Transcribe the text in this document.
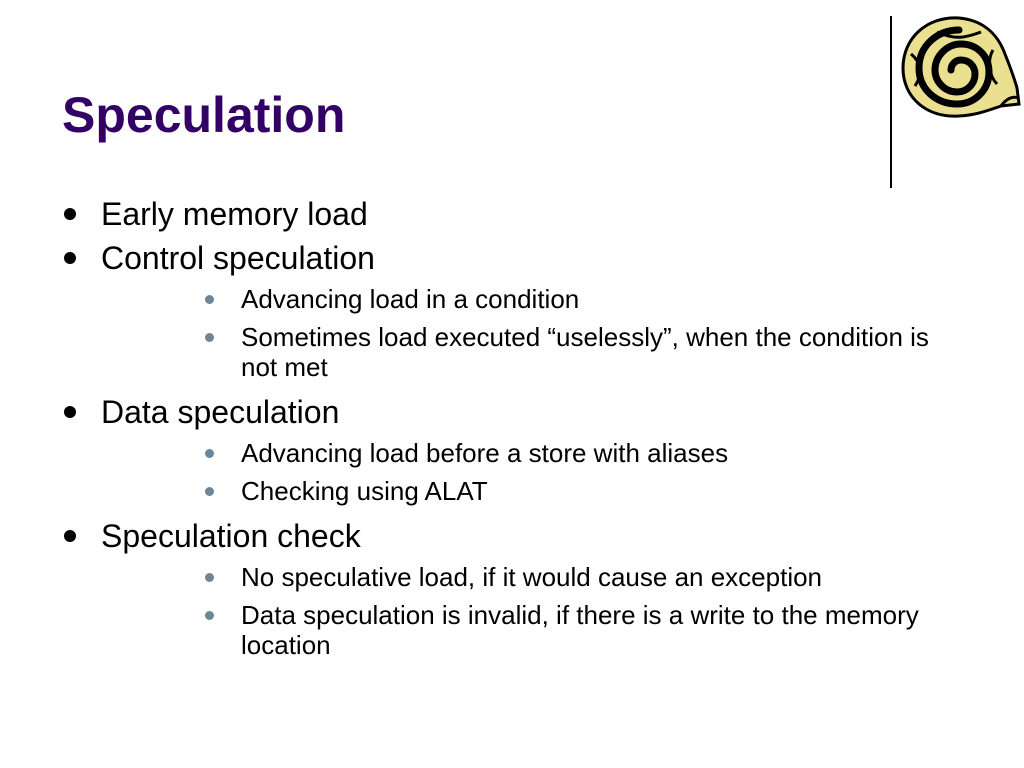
Speculation
Early memory load
Control speculation
Advancing load in a condition
Sometimes load executed “uselessly”, when the condition is not met
Data speculation
Advancing load before a store with aliases
Checking using ALAT
Speculation check
No speculative load, if it would cause an exception
Data speculation is invalid, if there is a write to the memory location
